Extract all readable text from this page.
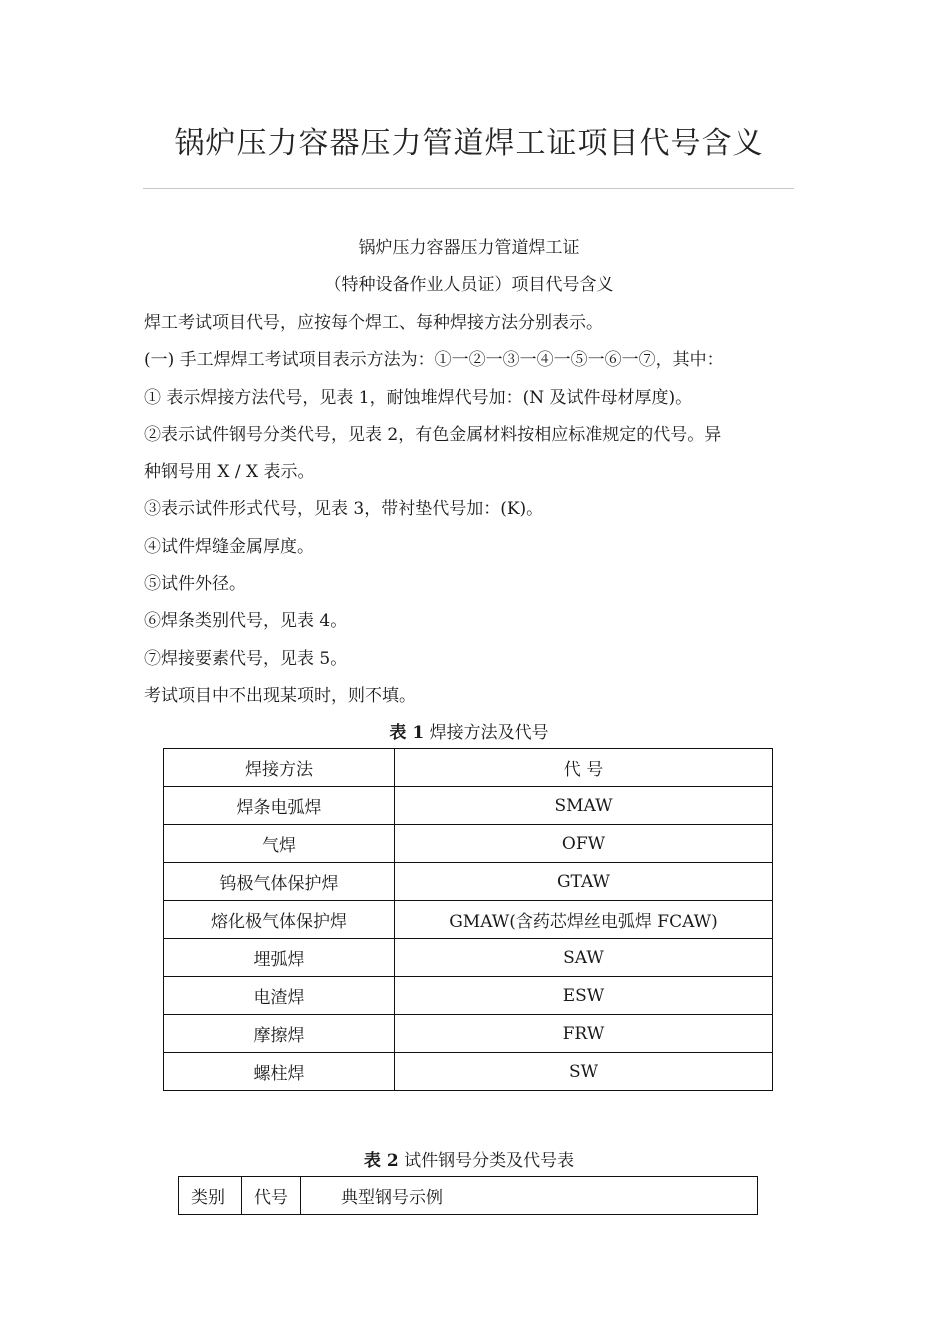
锅炉压力容器压力管道焊工证项目代号含义
锅炉压力容器压力管道焊工证
（特种设备作业人员证）项目代号含义
焊工考试项目代号，应按每个焊工、每种焊接方法分别表示。
(一) 手工焊焊工考试项目表示方法为：①一②一③一④一⑤一⑥一⑦，其中：
① 表示焊接方法代号，见表 1，耐蚀堆焊代号加：(N 及试件母材厚度)。
②表示试件钢号分类代号，见表 2，有色金属材料按相应标准规定的代号。异
种钢号用 X / X 表示。
③表示试件形式代号，见表 3，带衬垫代号加：(K)。
④试件焊缝金属厚度。
⑤试件外径。
⑥焊条类别代号，见表 4。
⑦焊接要素代号，见表 5。
考试项目中不出现某项时，则不填。
表 1 焊接方法及代号
焊接方法	代 号
焊条电弧焊	SMAW
气焊	OFW
钨极气体保护焊	GTAW
熔化极气体保护焊	GMAW(含药芯焊丝电弧焊 FCAW)
埋弧焊	SAW
电渣焊	ESW
摩擦焊	FRW
螺柱焊	SW
表 2 试件钢号分类及代号表
类别	代号	典型钢号示例
